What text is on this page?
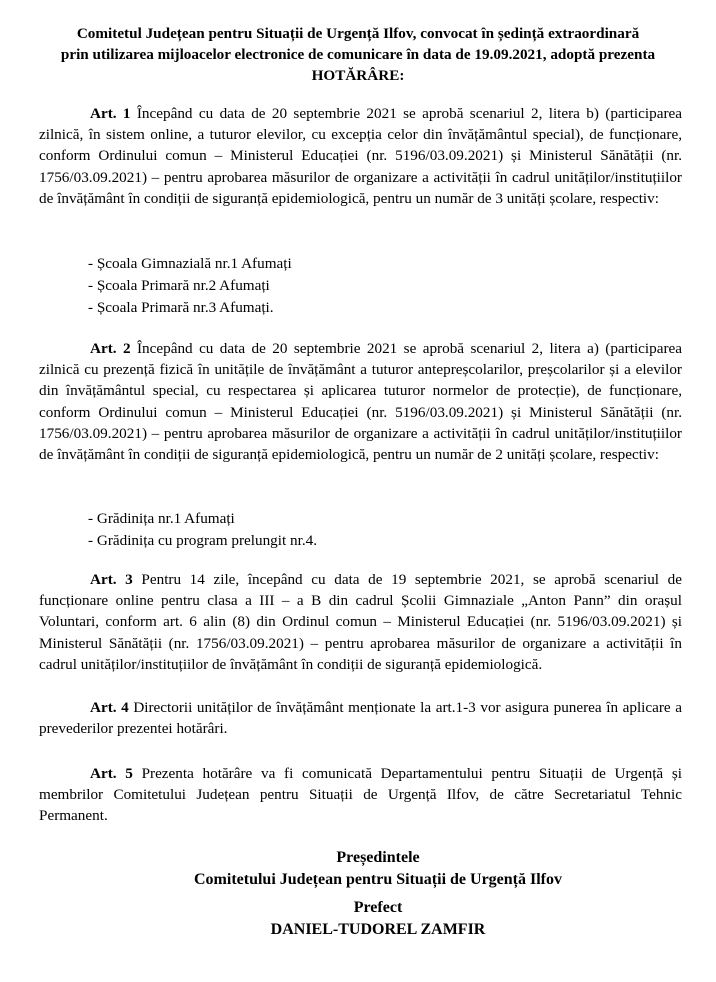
Comitetul Județean pentru Situații de Urgență Ilfov, convocat în ședință extraordinară
prin utilizarea mijloacelor electronice de comunicare în data de 19.09.2021, adoptă prezenta
HOTĂRÂRE:

Art. 1 Începând cu data de 20 septembrie 2021 se aprobă scenariul 2, litera b) (participarea zilnică, în sistem online, a tuturor elevilor, cu excepția celor din învățământul special), de funcționare, conform Ordinului comun – Ministerul Educației (nr. 5196/03.09.2021) și Ministerul Sănătății (nr. 1756/03.09.2021) – pentru aprobarea măsurilor de organizare a activității în cadrul unităților/instituțiilor de învățământ în condiții de siguranță epidemiologică, pentru un număr de 3 unități școlare, respectiv:

- Școala Gimnazială nr.1 Afumați
- Școala Primară nr.2 Afumați
- Școala Primară nr.3 Afumați.

Art. 2 Începând cu data de 20 septembrie 2021 se aprobă scenariul 2, litera a) (participarea zilnică cu prezență fizică în unitățile de învățământ a tuturor antepreșcolarilor, preșcolarilor și a elevilor din învățământul special, cu respectarea și aplicarea tuturor normelor de protecție), de funcționare, conform Ordinului comun – Ministerul Educației (nr. 5196/03.09.2021) și Ministerul Sănătății (nr. 1756/03.09.2021) – pentru aprobarea măsurilor de organizare a activității în cadrul unităților/instituțiilor de învățământ în condiții de siguranță epidemiologică, pentru un număr de 2 unități școlare, respectiv:

- Grădinița nr.1 Afumați
- Grădinița cu program prelungit nr.4.

Art. 3 Pentru 14 zile, începând cu data de 19 septembrie 2021, se aprobă scenariul de funcționare online pentru clasa a III – a B din cadrul Școlii Gimnaziale „Anton Pann” din orașul Voluntari, conform art. 6 alin (8) din Ordinul comun – Ministerul Educației (nr. 5196/03.09.2021) și Ministerul Sănătății (nr. 1756/03.09.2021) – pentru aprobarea măsurilor de organizare a activității în cadrul unităților/instituțiilor de învățământ în condiții de siguranță epidemiologică.

Art. 4 Directorii unităților de învățământ menționate la art.1-3 vor asigura punerea în aplicare a prevederilor prezentei hotărâri.

Art. 5 Prezenta hotărâre va fi comunicată Departamentului pentru Situații de Urgență și membrilor Comitetului Județean pentru Situații de Urgență Ilfov, de către Secretariatul Tehnic Permanent.

Președintele
Comitetului Județean pentru Situații de Urgență Ilfov
Prefect
DANIEL-TUDOREL ZAMFIR
